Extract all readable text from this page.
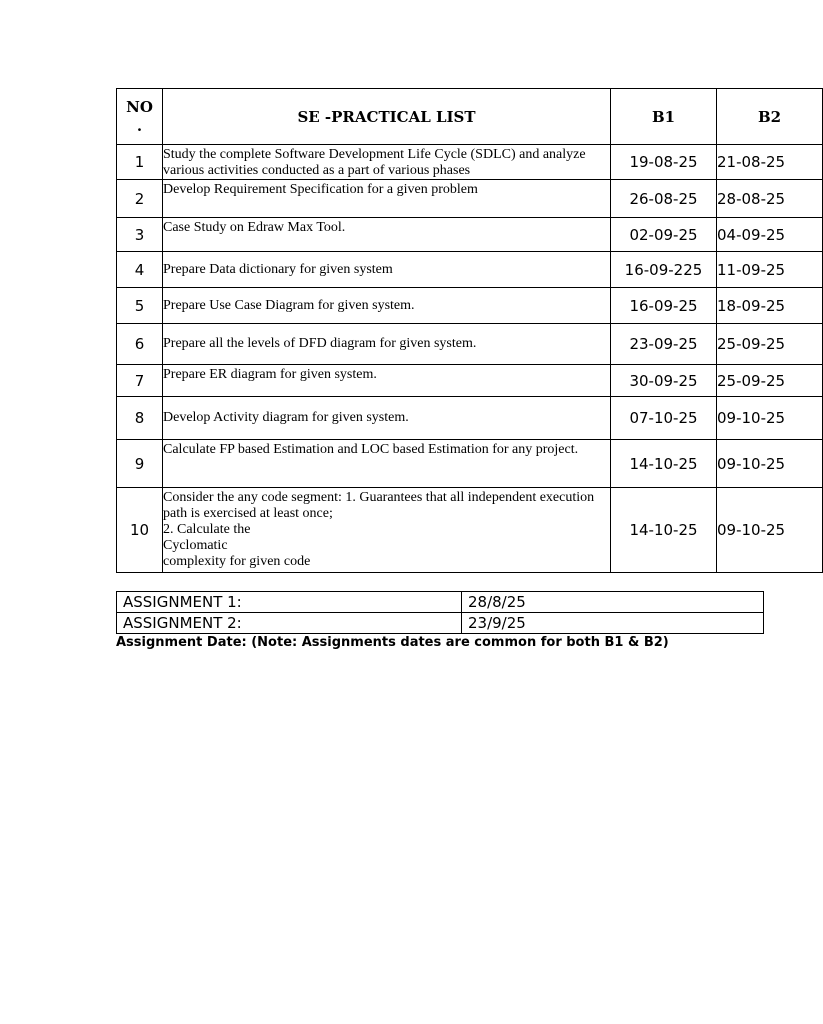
NO
.	SE -PRACTICAL LIST	B1	B2
1	Study the complete Software Development Life Cycle (SDLC) and analyze various activities conducted as a part of various phases	19-08-25	21-08-25
2	Develop Requirement Specification for a given problem	26-08-25	28-08-25
3	Case Study on Edraw Max Tool.	02-09-25	04-09-25
4	Prepare Data dictionary for given system	16-09-225	11-09-25
5	Prepare Use Case Diagram for given system.	16-09-25	18-09-25
6	Prepare all the levels of DFD diagram for given system.	23-09-25	25-09-25
7	Prepare ER diagram for given system.	30-09-25	25-09-25
8	Develop Activity diagram for given system.	07-10-25	09-10-25
9	Calculate FP based Estimation and LOC based Estimation for any project.	14-10-25	09-10-25
10	Consider the any code segment: 1. Guarantees that all independent execution path is exercised at least once;
2. Calculate the
Cyclomatic
complexity for given code	14-10-25	09-10-25
ASSIGNMENT 1:	28/8/25
ASSIGNMENT 2:	23/9/25
Assignment Date: (Note: Assignments dates are common for both B1 & B2)
